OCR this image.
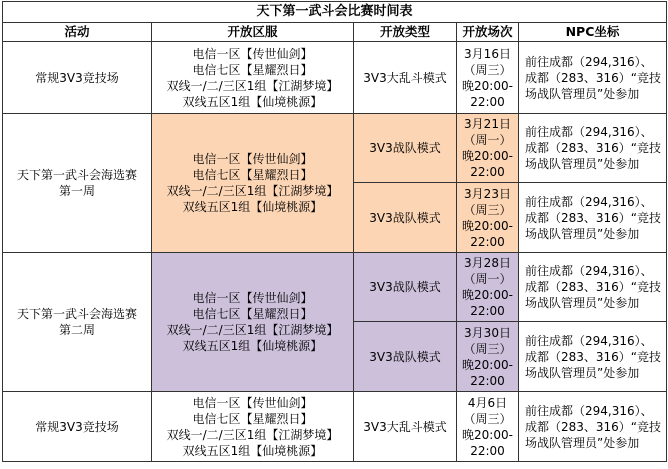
天下第一武斗会比赛时间表				
活动	开放区服	开放类型	开放场次	NPC坐标

常规3V3竞技场	电信一区【传世仙剑】
电信七区【星耀烈日】
双线一/二/三区1组【江湖梦境】
双线五区1组【仙境桃源】	3V3大乱斗模式	3月16日
（周三）
晚20:00-
22:00	前往成都（294,316）、
成都（283、316）“竞技
场战队管理员”处参加

天下第一武斗会海选赛
第一周	电信一区【传世仙剑】
电信七区【星耀烈日】
双线一/二/三区1组【江湖梦境】
双线五区1组【仙境桃源】	3V3战队模式	3月21日
（周一）
晚20:00-
22:00	前往成都（294,316）、
成都（283、316）“竞技
场战队管理员”处参加

		3V3战队模式	3月23日
（周三）
晚20:00-
22:00	前往成都（294,316）、
成都（283、316）“竞技
场战队管理员”处参加

天下第一武斗会海选赛
第二周	电信一区【传世仙剑】
电信七区【星耀烈日】
双线一/二/三区1组【江湖梦境】
双线五区1组【仙境桃源】	3V3战队模式	3月28日
（周一）
晚20:00-
22:00	前往成都（294,316）、
成都（283、316）“竞技
场战队管理员”处参加

		3V3战队模式	3月30日
（周三）
晚20:00-
22:00	前往成都（294,316）、
成都（283、316）“竞技
场战队管理员”处参加

常规3V3竞技场	电信一区【传世仙剑】
电信七区【星耀烈日】
双线一/二/三区1组【江湖梦境】
双线五区1组【仙境桃源】	3V3大乱斗模式	4月6日
（周三）
晚20:00-
22:00	前往成都（294,316）、
成都（283、316）“竞技
场战队管理员”处参加
